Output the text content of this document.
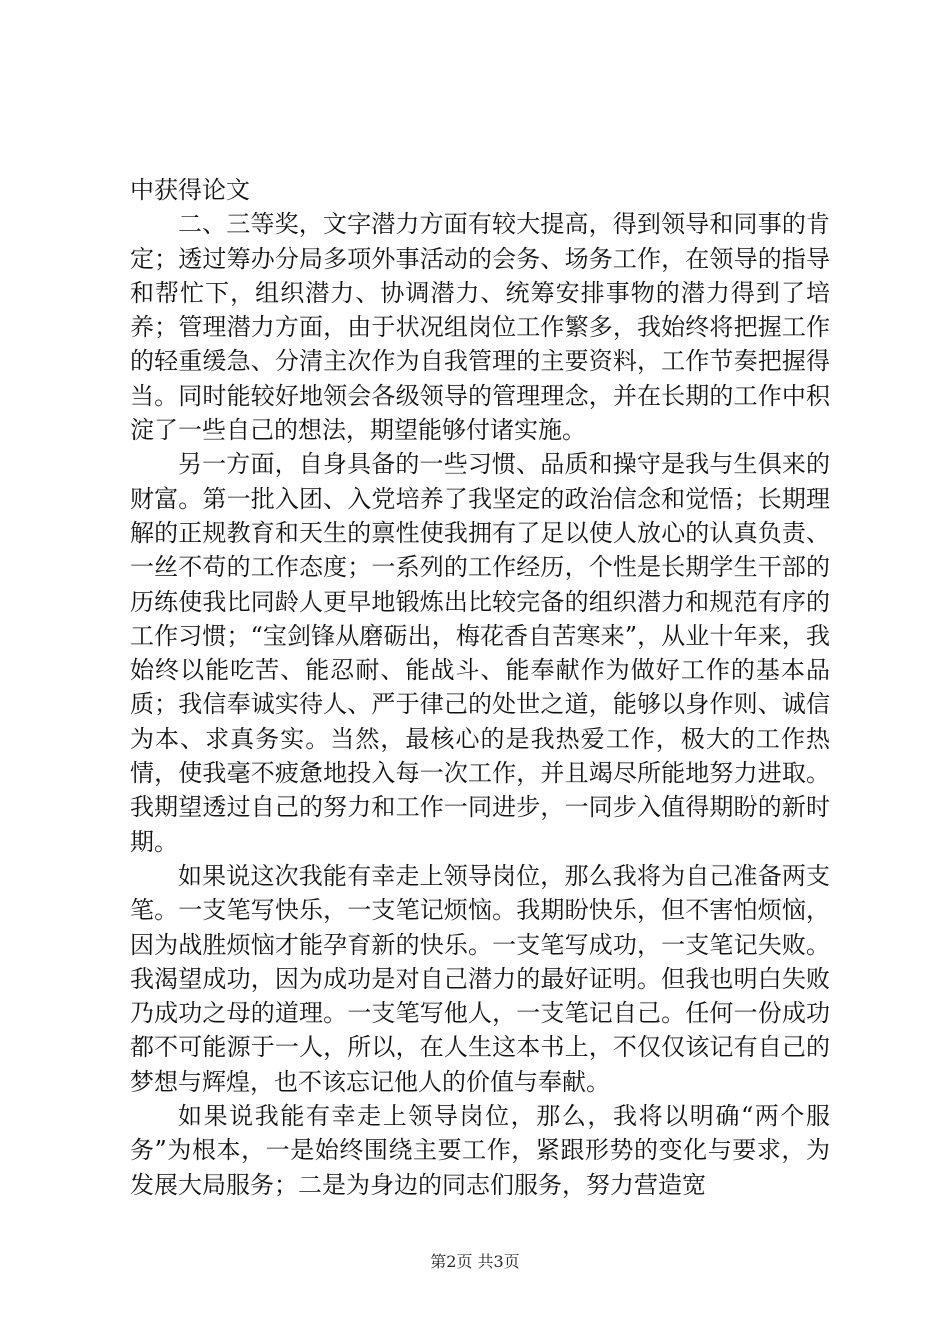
中获得论文

二、三等奖，文字潜力方面有较大提高，得到领导和同事的肯定；透过筹办分局多项外事活动的会务、场务工作，在领导的指导和帮忙下，组织潜力、协调潜力、统筹安排事物的潜力得到了培养；管理潜力方面，由于状况组岗位工作繁多，我始终将把握工作的轻重缓急、分清主次作为自我管理的主要资料，工作节奏把握得当。同时能较好地领会各级领导的管理理念，并在长期的工作中积淀了一些自己的想法，期望能够付诸实施。

另一方面，自身具备的一些习惯、品质和操守是我与生俱来的财富。第一批入团、入党培养了我坚定的政治信念和觉悟；长期理解的正规教育和天生的禀性使我拥有了足以使人放心的认真负责、一丝不苟的工作态度；一系列的工作经历，个性是长期学生干部的历练使我比同龄人更早地锻炼出比较完备的组织潜力和规范有序的工作习惯；“宝剑锋从磨砺出，梅花香自苦寒来”，从业十年来，我始终以能吃苦、能忍耐、能战斗、能奉献作为做好工作的基本品质；我信奉诚实待人、严于律己的处世之道，能够以身作则、诚信为本、求真务实。当然，最核心的是我热爱工作，极大的工作热情，使我毫不疲惫地投入每一次工作，并且竭尽所能地努力进取。我期望透过自己的努力和工作一同进步，一同步入值得期盼的新时期。

如果说这次我能有幸走上领导岗位，那么我将为自己准备两支笔。一支笔写快乐，一支笔记烦恼。我期盼快乐，但不害怕烦恼，因为战胜烦恼才能孕育新的快乐。一支笔写成功，一支笔记失败。我渴望成功，因为成功是对自己潜力的最好证明。但我也明白失败乃成功之母的道理。一支笔写他人，一支笔记自己。任何一份成功都不可能源于一人，所以，在人生这本书上，不仅仅该记有自己的梦想与辉煌，也不该忘记他人的价值与奉献。

如果说我能有幸走上领导岗位，那么，我将以明确“两个服务”为根本，一是始终围绕主要工作，紧跟形势的变化与要求，为发展大局服务；二是为身边的同志们服务，努力营造宽

第2页 共3页
